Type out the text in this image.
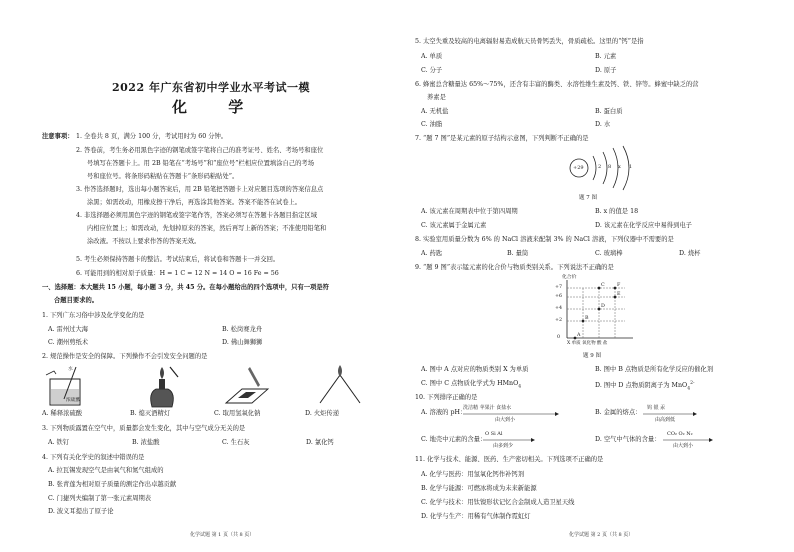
2022 年广东省初中学业水平考试一模
化 学
注意事项： 1. 全卷共 8 页，满分 100 分，考试用时为 60 分钟。
2. 答卷前，考生务必用黑色字迹的钢笔或签字笔将自己的准考证号、姓名、考场号和座位
号填写在答题卡上。用 2B 铅笔在“考场号”和“座位号”栏相应位置填涂自己的考场
号和座位号。将条形码粘贴在答题卡“条形码粘贴处”。
3. 作答选择题时，选出每小题答案后，用 2B 铅笔把答题卡上对应题目选项的答案信息点
涂黑；如需改动，用橡皮擦干净后，再选涂其他答案。答案不能答在试卷上。
4. 非选择题必须用黑色字迹的钢笔或签字笔作答，答案必须写在答题卡各题目指定区域
内相应位置上；如需改动，先划掉原来的答案，然后再写上新的答案；不准使用铅笔和
涂改液。不按以上要求作答的答案无效。
5. 考生必须保持答题卡的整洁。考试结束后，将试卷和答题卡一并交回。
6. 可能用到的相对原子质量：H = 1 C = 12 N = 14 O = 16 Fe = 56
一、选择题：本大题共 15 小题，每小题 3 分，共 45 分。在每小题给出的四个选项中，只有一项是符
合题目要求的。
1. 下列广东习俗中涉及化学变化的是
A. 雷州过大海	B. 松岗赛龙舟
C. 潮州剪纸术	D. 佛山舞狮狮
2. 规范操作是安全的保障。下列操作不会引发安全问题的是
水
浓硫酸
A. 稀释浓硫酸	B. 熄灭酒精灯	C. 取用氢氧化钠	D. 火炬传递
3. 下列物质露置在空气中，质量都会发生变化，其中与空气成分无关的是
A. 铁钉	B. 浓盐酸	C. 生石灰	D. 氯化钙
4. 下列有关化学史的叙述中错误的是
A. 拉瓦锡发现空气是由氧气和氮气组成的
B. 张青莲为相对原子质量的测定作出卓越贡献
C. 门捷列夫编制了第一张元素周期表
D. 波义耳提出了原子论
化学试题 第 1 页（共 8 页）
5. 太空失重及较高的电离辐射易造成航天员骨钙丢失，骨质疏松。这里的“钙”是指
A. 单质	B. 元素
C. 分子	D. 原子
6. 蜂蜜总含糖量达 65%～75%，还含有丰富的酶类、水溶性维生素及钙、铁、锌等。蜂蜜中缺乏的营
养素是
A. 无机盐	B. 蛋白质
C. 油脂	D. 水
7. “题 7 图”是某元素的原子结构示意图，下列判断不正确的是
+29	2 8 x 1
题 7 图
A. 该元素在周期表中位于第四周期	B. x 的值是 18
C. 该元素属于金属元素	D. 该元素在化学反应中易得到电子
8. 实验室用质量分数为 6% 的 NaCl 溶液来配制 3% 的 NaCl 溶液，下列仪器中不需要的是
A. 药匙	B. 量筒	C. 玻璃棒	D. 烧杯
9. “题 9 图”表示锰元素的化合价与物质类别关系。下列说法不正确的是
化合价
+7
+6
+4
+2
0
F
E
D
C
B
A
X 单质 氧化物 酸 盐
题 9 图
A. 图中 A 点对应的物质类别 X 为单质	B. 图中 B 点物质是所有化学反应的催化剂
C. 图中 C 点物质化学式为 HMnO$_4$	D. 图中 D 点物质阴离子为 MnO$_4^{2-}$
10. 下列排序正确的是
A. 溶液的 pH：
洗洁精 苹果汁 食盐水
由大到小
B. 金属的熔点：
钨 银 汞
由高到低
C. 地壳中元素的含量：
O Si Al
由多到少
D. 空气中气体的含量：
CO₂ O₂ N₂
由大到小
11. 化学与技术、能源、医药、生产密切相关。下列选项不正确的是
A. 化学与医药：用氢氧化钙作补钙剂
B. 化学与能源：可燃冰将成为未来新能源
C. 化学与技术：用钛镍形状记忆合金制成人造卫星天线
D. 化学与生产：用稀有气体制作霓虹灯
化学试题 第 2 页（共 8 页）
